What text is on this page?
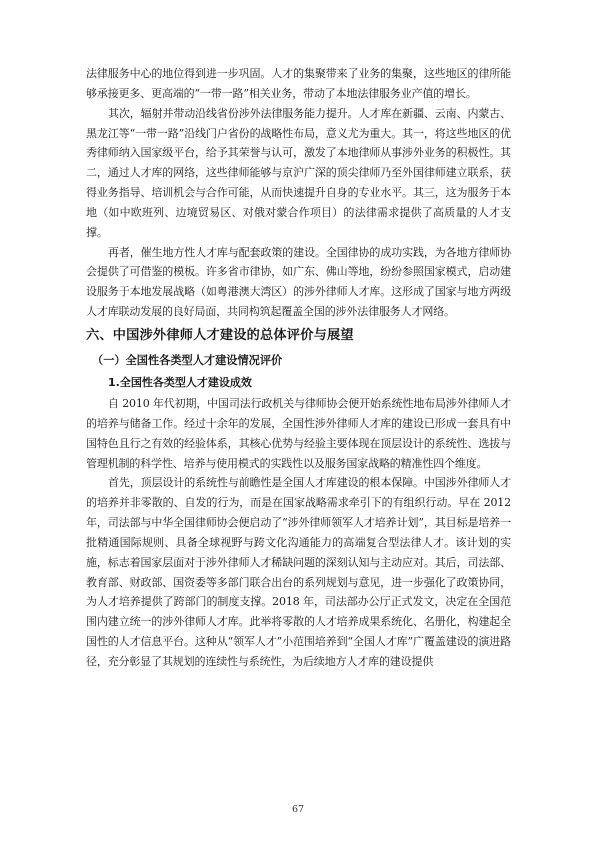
法律服务中心的地位得到进一步巩固。人才的集聚带来了业务的集聚，这些地区的律所能够承接更多、更高端的“一带一路”相关业务，带动了本地法律服务业产值的增长。

其次，辐射并带动沿线省份涉外法律服务能力提升。人才库在新疆、云南、内蒙古、黑龙江等“一带一路”沿线门户省份的战略性布局，意义尤为重大。其一，将这些地区的优秀律师纳入国家级平台，给予其荣誉与认可，激发了本地律师从事涉外业务的积极性。其二，通过人才库的网络，这些律师能够与京沪广深的顶尖律师乃至外国律师建立联系，获得业务指导、培训机会与合作可能，从而快速提升自身的专业水平。其三，这为服务于本地（如中欧班列、边境贸易区、对俄对蒙合作项目）的法律需求提供了高质量的人才支撑。

再者，催生地方性人才库与配套政策的建设。全国律协的成功实践，为各地方律师协会提供了可借鉴的模板。许多省市律协，如广东、佛山等地，纷纷参照国家模式，启动建设服务于本地发展战略（如粤港澳大湾区）的涉外律师人才库。这形成了国家与地方两级人才库联动发展的良好局面，共同构筑起覆盖全国的涉外法律服务人才网络。

六、中国涉外律师人才建设的总体评价与展望
（一）全国性各类型人才建设情况评价
1.全国性各类型人才建设成效

自 2010 年代初期，中国司法行政机关与律师协会便开始系统性地布局涉外律师人才的培养与储备工作。经过十余年的发展，全国性涉外律师人才库的建设已形成一套具有中国特色且行之有效的经验体系，其核心优势与经验主要体现在顶层设计的系统性、选拔与管理机制的科学性、培养与使用模式的实践性以及服务国家战略的精准性四个维度。

首先，顶层设计的系统性与前瞻性是全国人才库建设的根本保障。中国涉外律师人才的培养并非零散的、自发的行为，而是在国家战略需求牵引下的有组织行动。早在 2012 年，司法部与中华全国律师协会便启动了“涉外律师领军人才培养计划”，其目标是培养一批精通国际规则、具备全球视野与跨文化沟通能力的高端复合型法律人才。该计划的实施，标志着国家层面对于涉外律师人才稀缺问题的深刻认知与主动应对。其后，司法部、教育部、财政部、国资委等多部门联合出台的系列规划与意见，进一步强化了政策协同，为人才培养提供了跨部门的制度支撑。2018 年，司法部办公厅正式发文，决定在全国范围内建立统一的涉外律师人才库。此举将零散的人才培养成果系统化、名册化，构建起全国性的人才信息平台。这种从“领军人才”小范围培养到“全国人才库”广覆盖建设的演进路径，充分彰显了其规划的连续性与系统性，为后续地方人才库的建设提供

67
